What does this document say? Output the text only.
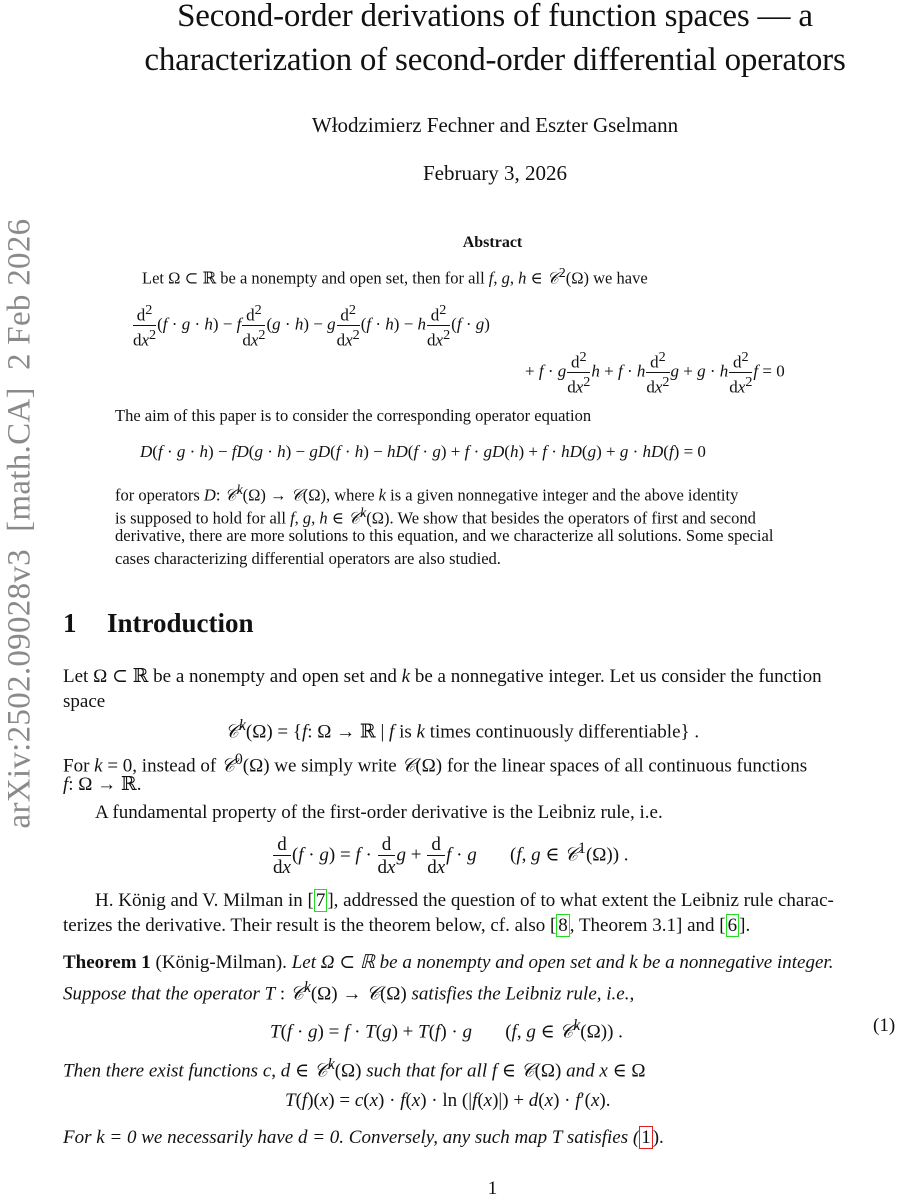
arXiv:2502.09028v3  [math.CA]  2 Feb 2026
Second-order derivations of function spaces — a
characterization of second-order differential operators
Włodzimierz Fechner and Eszter Gselmann
February 3, 2026
Abstract
Let Ω ⊂ ℝ be a nonempty and open set, then for all f, g, h ∈ 𝒞$^2$(Ω) we have
$\frac{d^2}{dx^2} (f \cdot g \cdot h) - f \frac{d^2}{dx^2} (g \cdot h) - g \frac{d^2}{dx^2} (f \cdot h) - h \frac{d^2}{dx^2} (f \cdot g)$
+ f · g $\frac{d^2}{dx^2}$ h + f · h $\frac{d^2}{dx^2}$ g + g · h $\frac{d^2}{dx^2}$ f = 0
The aim of this paper is to consider the corresponding operator equation
D(f · g · h) − fD(g · h) − gD(f · h) − hD(f · g) + f · gD(h) + f · hD(g) + g · hD(f) = 0
for operators D: 𝒞$^k$(Ω) → 𝒞(Ω), where k is a given nonnegative integer and the above identity
is supposed to hold for all f, g, h ∈ 𝒞$^k$(Ω). We show that besides the operators of first and second
derivative, there are more solutions to this equation, and we characterize all solutions. Some special
cases characterizing differential operators are also studied.
1 Introduction
Let Ω ⊂ ℝ be a nonempty and open set and k be a nonnegative integer. Let us consider the function
space
𝒞$^k$(Ω) = {f: Ω → ℝ | f is k times continuously differentiable} .
For k = 0, instead of 𝒞$^0$(Ω) we simply write 𝒞(Ω) for the linear spaces of all continuous functions
f: Ω → ℝ.
A fundamental property of the first-order derivative is the Leibniz rule, i.e.
$\frac{d}{dx} (f \cdot g) = f \cdot \frac{d}{dx}$ $g + \frac{d}{dx}$ f · g       (f, g ∈ 𝒞$^1$(Ω)) .
H. König and V. Milman in [ 7 ], addressed the question of to what extent the Leibniz rule charac-
terizes the derivative. Their result is the theorem below, cf. also [ 8 , Theorem 3.1] and [ 6 ].
Theorem 1 (König-Milman). Let Ω ⊂ ℝ be a nonempty and open set and k be a nonnegative integer.
Suppose that the operator T : 𝒞$^k$(Ω) → 𝒞(Ω) satisfies the Leibniz rule, i.e.,
T(f · g) = f · T(g) + T(f) · g       (f, g ∈ 𝒞$^k$(Ω)) .	(1)
Then there exist functions c, d ∈ 𝒞$^k$(Ω) such that for all f ∈ 𝒞(Ω) and x ∈ Ω
T(f)(x) = c(x) · f(x) · ln (|f(x)|) + d(x) · f′(x).
For k = 0 we necessarily have d = 0. Conversely, any such map T satisfies ( 1 ).
1
